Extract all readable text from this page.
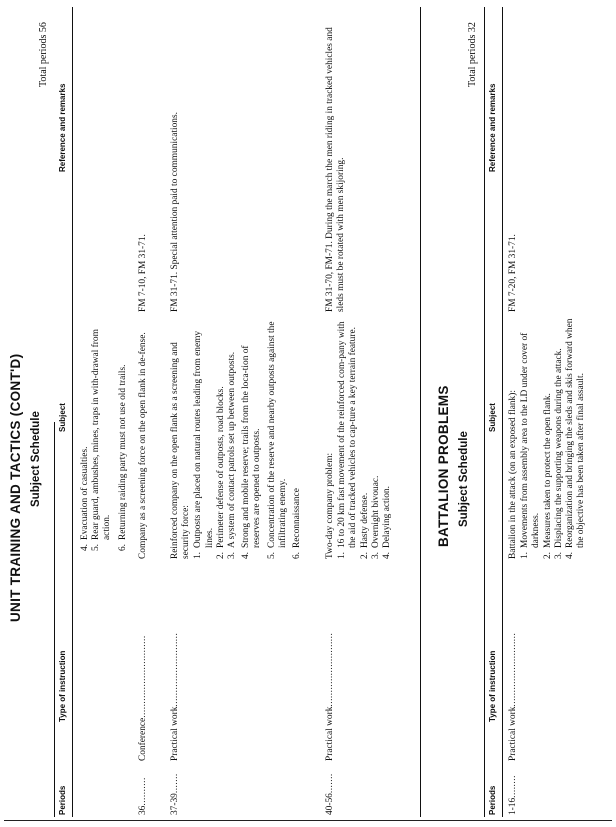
UNIT TRAINING AND TACTICS (CONT'D) Subject Schedule
Total periods 56
Periods
Type of instruction
Subject
Reference and remarks
4.
Evacuation of casualties.
5.
Rear guard, ambushes, mines, traps in with-drawal from action.
6.
Returning raiding party must not use old trails.
36..........
Conference.............................
Company as a screening force on the open flank in de-fense.
FM 7-10, FM 31-71.
37-39.......
Practical work..........................
Reinforced company on the open flank as a screening and security force: 1.
Outposts are placed on natural routes leading from enemy lines.
2.
Perimeter defense of outposts, road blocks.
3.
A system of contact patrols set up between outposts.
4.
Strong and mobile reserve; trails from the loca-tion of reserves are opened to outposts.
5.
Concentration of the reserve and nearby outposts against the infiltrating enemy.
6.
Reconnaissance
FM 31-71. Special attention paid to communications.
40-56.......
Practical work..........................
Two-day company problem: 1.
16 to 20 km fast movement of the reinforced com-pany with the aid of tracked vehicles to cap-ture a key terrain feature.
2.
Hasty defense.
3.
Overnight bivouac.
4.
Delaying action.
FM 31-70, FM-71. During the march the men riding in tracked vehicles and sleds must be rotated with men skijoring.
BATTALION PROBLEMS Subject Schedule
Total periods 32
Periods
Type of instruction
Subject
Reference and remarks
1-16........
Practical work..........................
Battalion in the attack (on an exposed flank): 1.
Movements from assembly area to the LD under cover of darkness.
2.
Measures taken to protect the open flank.
3.
Displacing the supporting weapons during the attack.
4.
Reorganization and bringing the sleds and skis forward when the objective has been taken after final assault.
FM 7-20, FM 31-71.
